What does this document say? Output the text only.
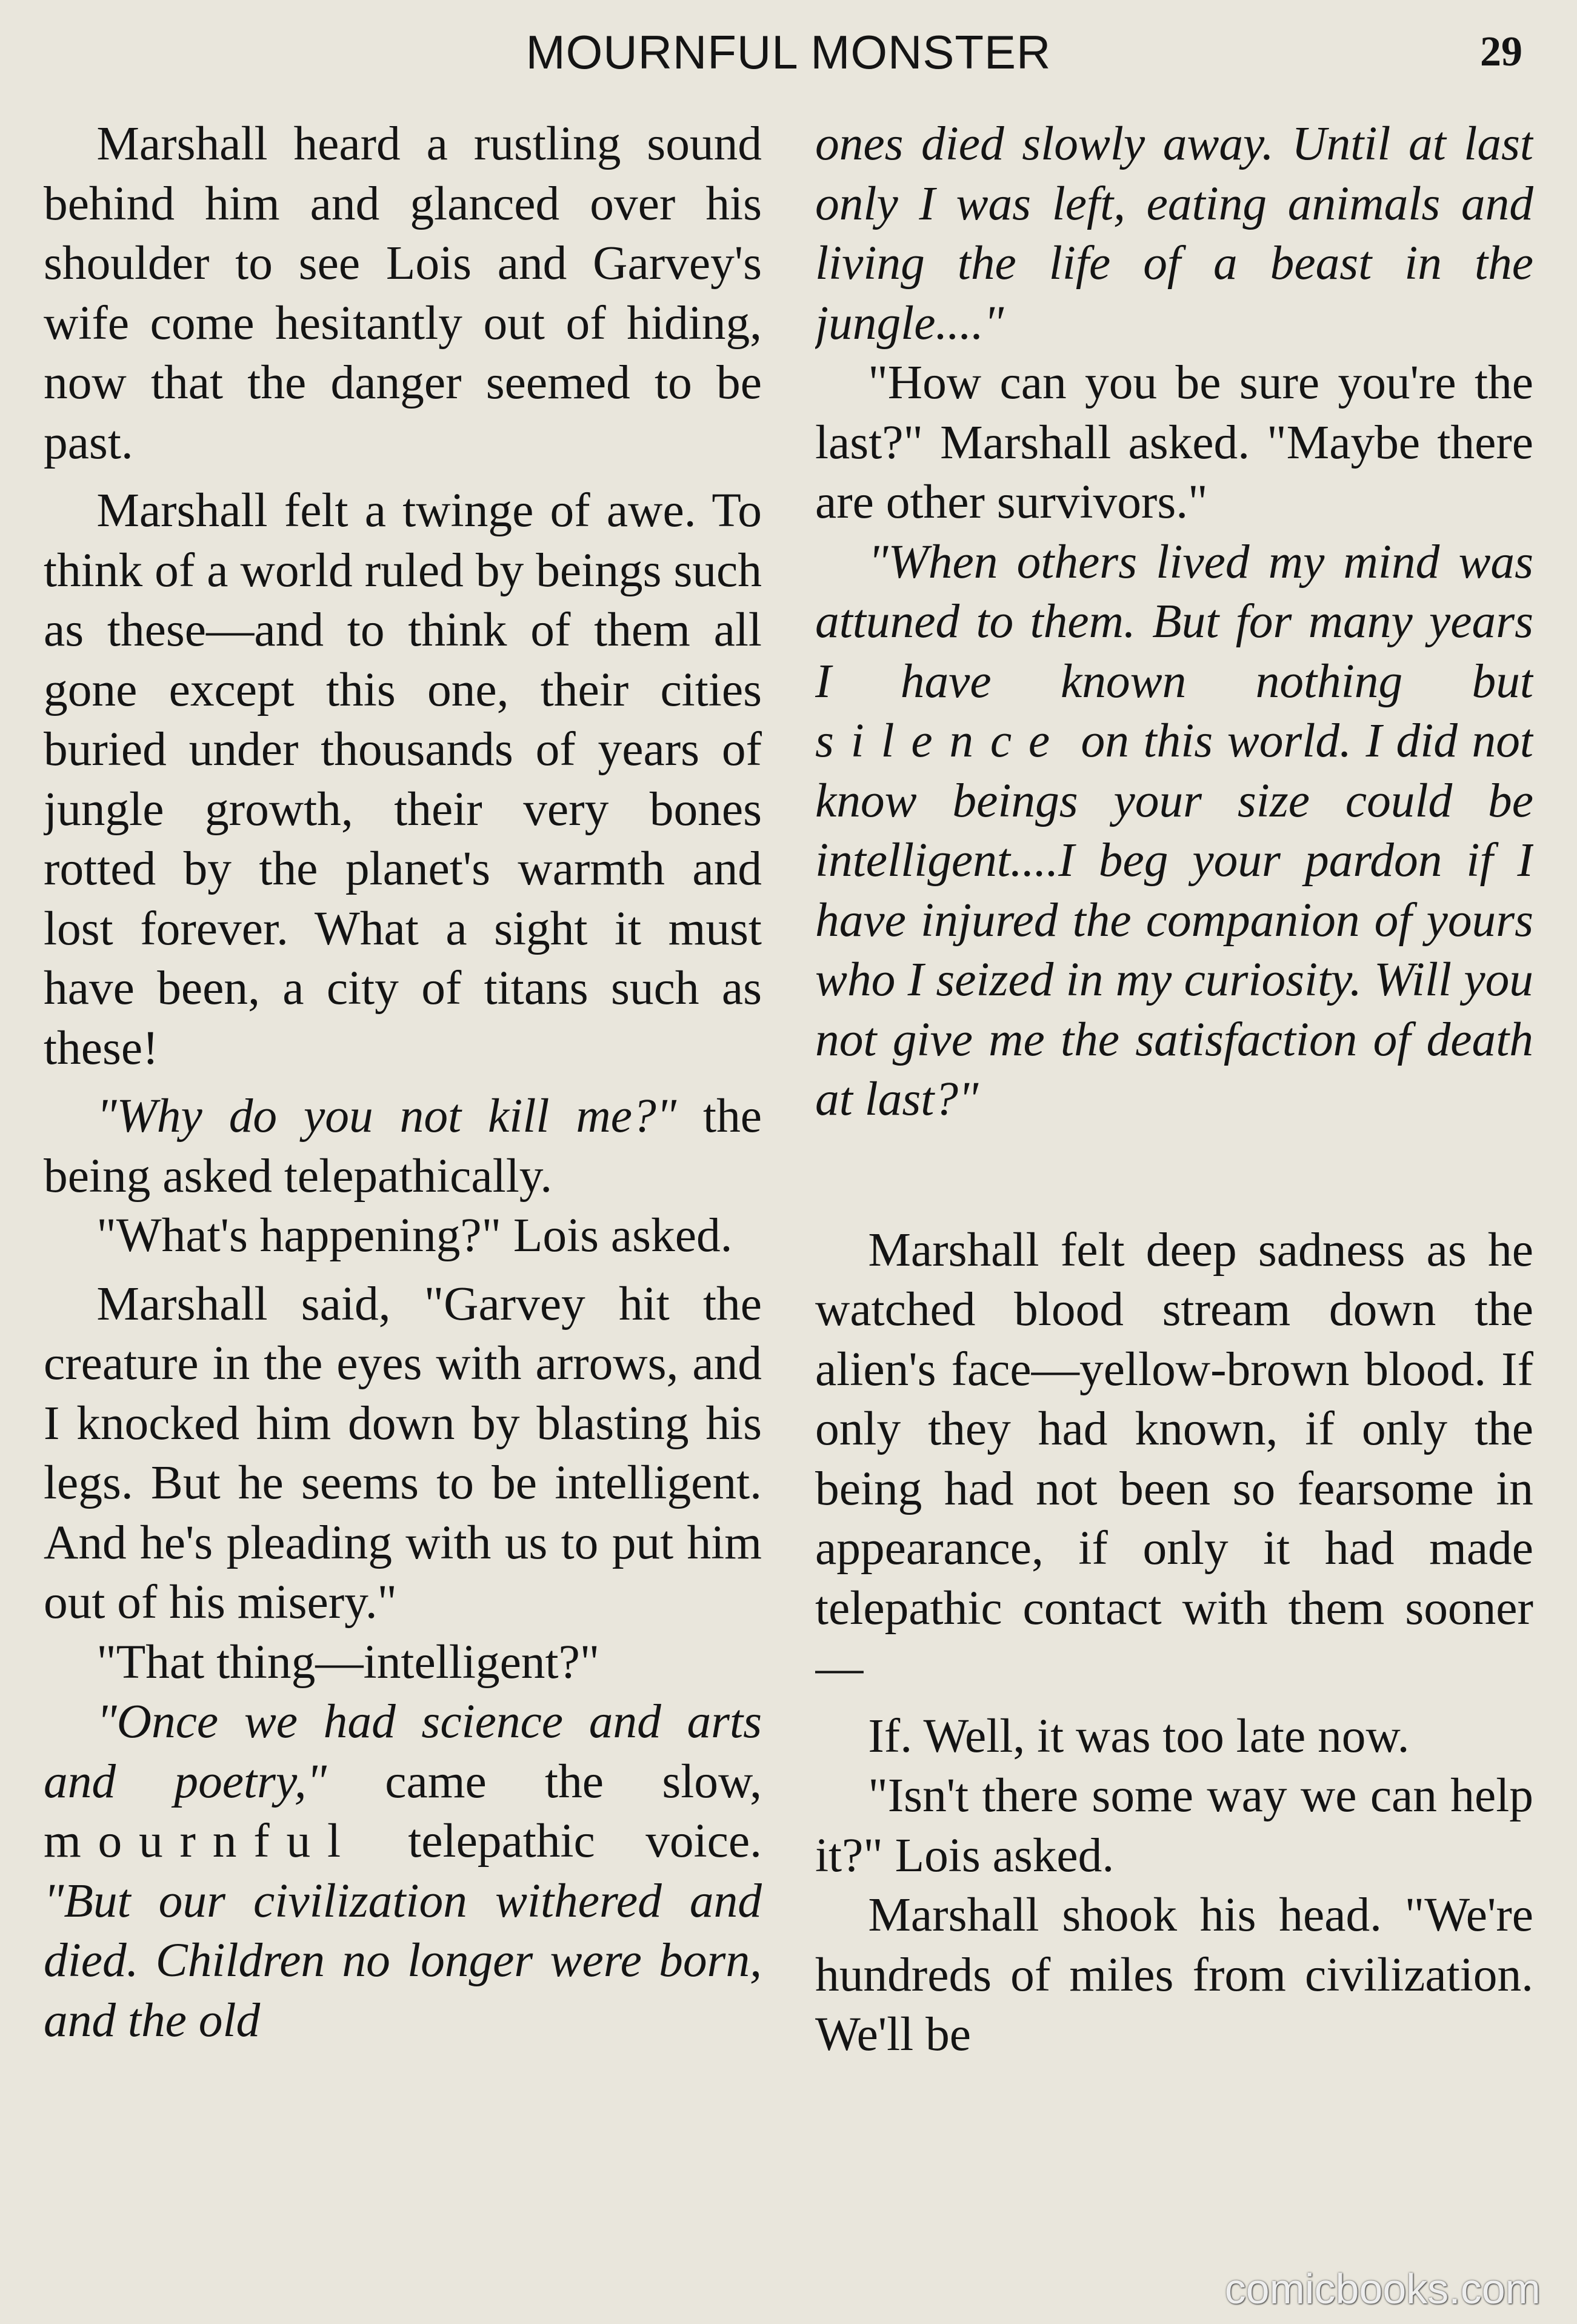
MOURNFUL MONSTER	29

Marshall heard a rustling sound behind him and glanced over his shoulder to see Lois and Garvey's wife come hesitantly out of hiding, now that the danger seemed to be past.

Marshall felt a twinge of awe. To think of a world ruled by beings such as these—and to think of them all gone except this one, their cities buried under thousands of years of jungle growth, their very bones rotted by the planet's warmth and lost forever. What a sight it must have been, a city of titans such as these!

"Why do you not kill me?" the being asked telepathically.

"What's happening?" Lois asked.

Marshall said, "Garvey hit the creature in the eyes with arrows, and I knocked him down by blasting his legs. But he seems to be intelligent. And he's pleading with us to put him out of his misery."

"That thing—intelligent?"

"Once we had science and arts and poetry," came the slow, mournful telepathic voice. "But our civilization withered and died. Children no longer were born, and the old

ones died slowly away. Until at last only I was left, eating animals and living the life of a beast in the jungle...."

"How can you be sure you're the last?" Marshall asked. "Maybe there are other survivors."

"When others lived my mind was attuned to them. But for many years I have known nothing but silence on this world. I did not know beings your size could be intelligent....I beg your pardon if I have injured the companion of yours who I seized in my curiosity. Will you not give me the satisfaction of death at last?"

Marshall felt deep sadness as he watched blood stream down the alien's face—yellow-brown blood. If only they had known, if only the being had not been so fearsome in appearance, if only it had made telepathic contact with them sooner—

If. Well, it was too late now.

"Isn't there some way we can help it?" Lois asked.

Marshall shook his head. "We're hundreds of miles from civilization. We'll be

comicbooks.com
